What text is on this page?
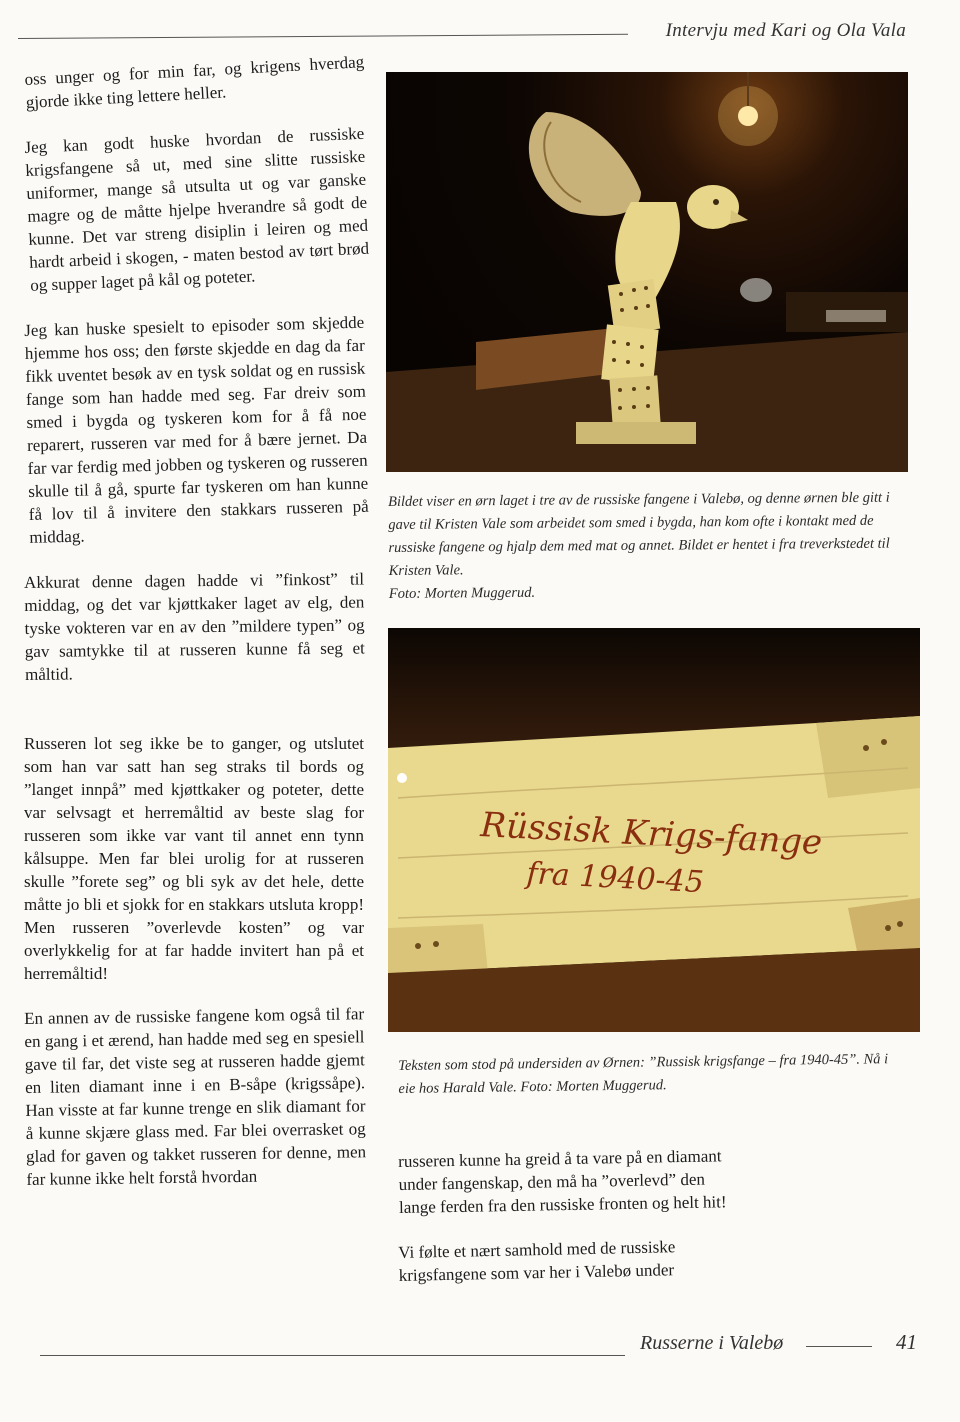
Intervju med Kari og Ola Vala

oss unger og for min far, og krigens hverdag gjorde ikke ting lettere heller.

Jeg kan godt huske hvordan de russiske krigsfangene så ut, med sine slitte russiske uniformer, mange så utsulta ut og var ganske magre og de måtte hjelpe hverandre så godt de kunne. Det var streng disiplin i leiren og med hardt arbeid i skogen, - maten bestod av tørt brød og supper laget på kål og poteter.

Jeg kan huske spesielt to episoder som skjedde hjemme hos oss; den første skjedde en dag da far fikk uventet besøk av en tysk soldat og en russisk fange som han hadde med seg. Far dreiv som smed i bygda og tyskeren kom for å få noe reparert, russeren var med for å bære jernet. Da far var ferdig med jobben og tyskeren og russeren skulle til å gå, spurte far tyskeren om han kunne få lov til å invitere den stakkars russeren på middag.

Akkurat denne dagen hadde vi ”finkost” til middag, og det var kjøttkaker laget av elg, den tyske vokteren var en av den ”mildere typen” og gav samtykke til at russeren kunne få seg et måltid.

Russeren lot seg ikke be to ganger, og utslutet som han var satt han seg straks til bords og ”langet innpå” med kjøttkaker og poteter, dette var selvsagt et herremåltid av beste slag for russeren som ikke var vant til annet enn tynn kålsuppe. Men far blei urolig for at russeren skulle ”forete seg” og bli syk av det hele, dette måtte jo bli et sjokk for en stakkars utsluta kropp! Men russeren ”overlevde kosten” og var overlykkelig for at far hadde invitert han på et herremåltid!

En annen av de russiske fangene kom også til far en gang i et ærend, han hadde med seg en spesiell gave til far, det viste seg at russeren hadde gjemt en liten diamant inne i en B-såpe (krigssåpe). Han visste at far kunne trenge en slik diamant for å kunne skjære glass med. Far blei overrasket og glad for gaven og takket russeren for denne, men far kunne ikke helt forstå hvordan

Bildet viser en ørn laget i tre av de russiske fangene i Valebø, og denne ørnen ble gitt i gave til Kristen Vale som arbeidet som smed i bygda, han kom ofte i kontakt med de russiske fangene og hjalp dem med mat og annet. Bildet er hentet i fra treverkstedet til Kristen Vale.
Foto: Morten Muggerud.
Rüssisk Krigs-fange
fra 1940-45
Teksten som stod på undersiden av Ørnen: ”Russisk krigsfange – fra 1940-45”. Nå i eie hos Harald Vale. Foto: Morten Muggerud.

russeren kunne ha greid å ta vare på en diamant under fangenskap, den må ha ”overlevd” den lange ferden fra den russiske fronten og helt hit!

Vi følte et nært samhold med de russiske krigsfangene som var her i Valebø under

Russerne i Valebø	41
